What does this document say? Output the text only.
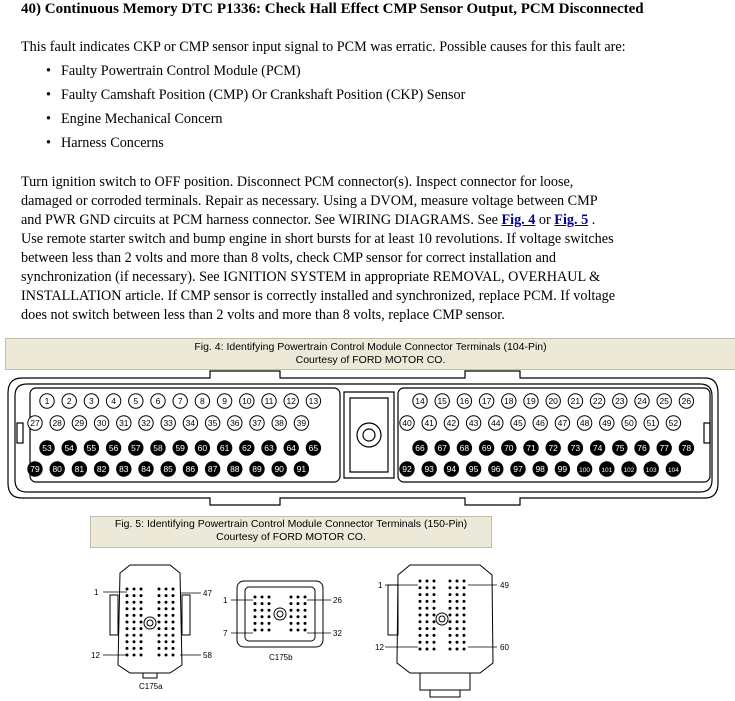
40) Continuous Memory DTC P1336: Check Hall Effect CMP Sensor Output, PCM Disconnected
This fault indicates CKP or CMP sensor input signal to PCM was erratic. Possible causes for this fault are:
• Faulty Powertrain Control Module (PCM)
• Faulty Camshaft Position (CMP) Or Crankshaft Position (CKP) Sensor
• Engine Mechanical Concern
• Harness Concerns
Turn ignition switch to OFF position. Disconnect PCM connector(s). Inspect connector for loose,
damaged or corroded terminals. Repair as necessary. Using a DVOM, measure voltage between CMP
and PWR GND circuits at PCM harness connector. See WIRING DIAGRAMS. See Fig. 4 or Fig. 5 .
Use remote starter switch and bump engine in short bursts for at least 10 revolutions. If voltage switches
between less than 2 volts and more than 8 volts, check CMP sensor for correct installation and
synchronization (if necessary). See IGNITION SYSTEM in appropriate REMOVAL, OVERHAUL &
INSTALLATION article. If CMP sensor is correctly installed and synchronized, replace PCM. If voltage
does not switch between less than 2 volts and more than 8 volts, replace CMP sensor.
Fig. 4: Identifying Powertrain Control Module Connector Terminals (104-Pin)
Courtesy of FORD MOTOR CO.
1 2 3 4 5 6 7 8 9 10 11 12 13
27 28 29 30 31 32 33 34 35 36 37 38 39
53 54 55 56 57 58 59 60 61 62 63 64 65
79 80 81 82 83 84 85 86 87 88 89 90 91
14 15 16 17 18 19 20 21 22 23 24 25 26
40 41 42 43 44 45 46 47 48 49 50 51 52
66 67 68 69 70 71 72 73 74 75 76 77 78
92 93 94 95 96 97 98 99 100 101 102 103 104
Fig. 5: Identifying Powertrain Control Module Connector Terminals (150-Pin)
Courtesy of FORD MOTOR CO.
1	47
12	58
C175a
1	26
7	32
C175b
1	49
12	60
